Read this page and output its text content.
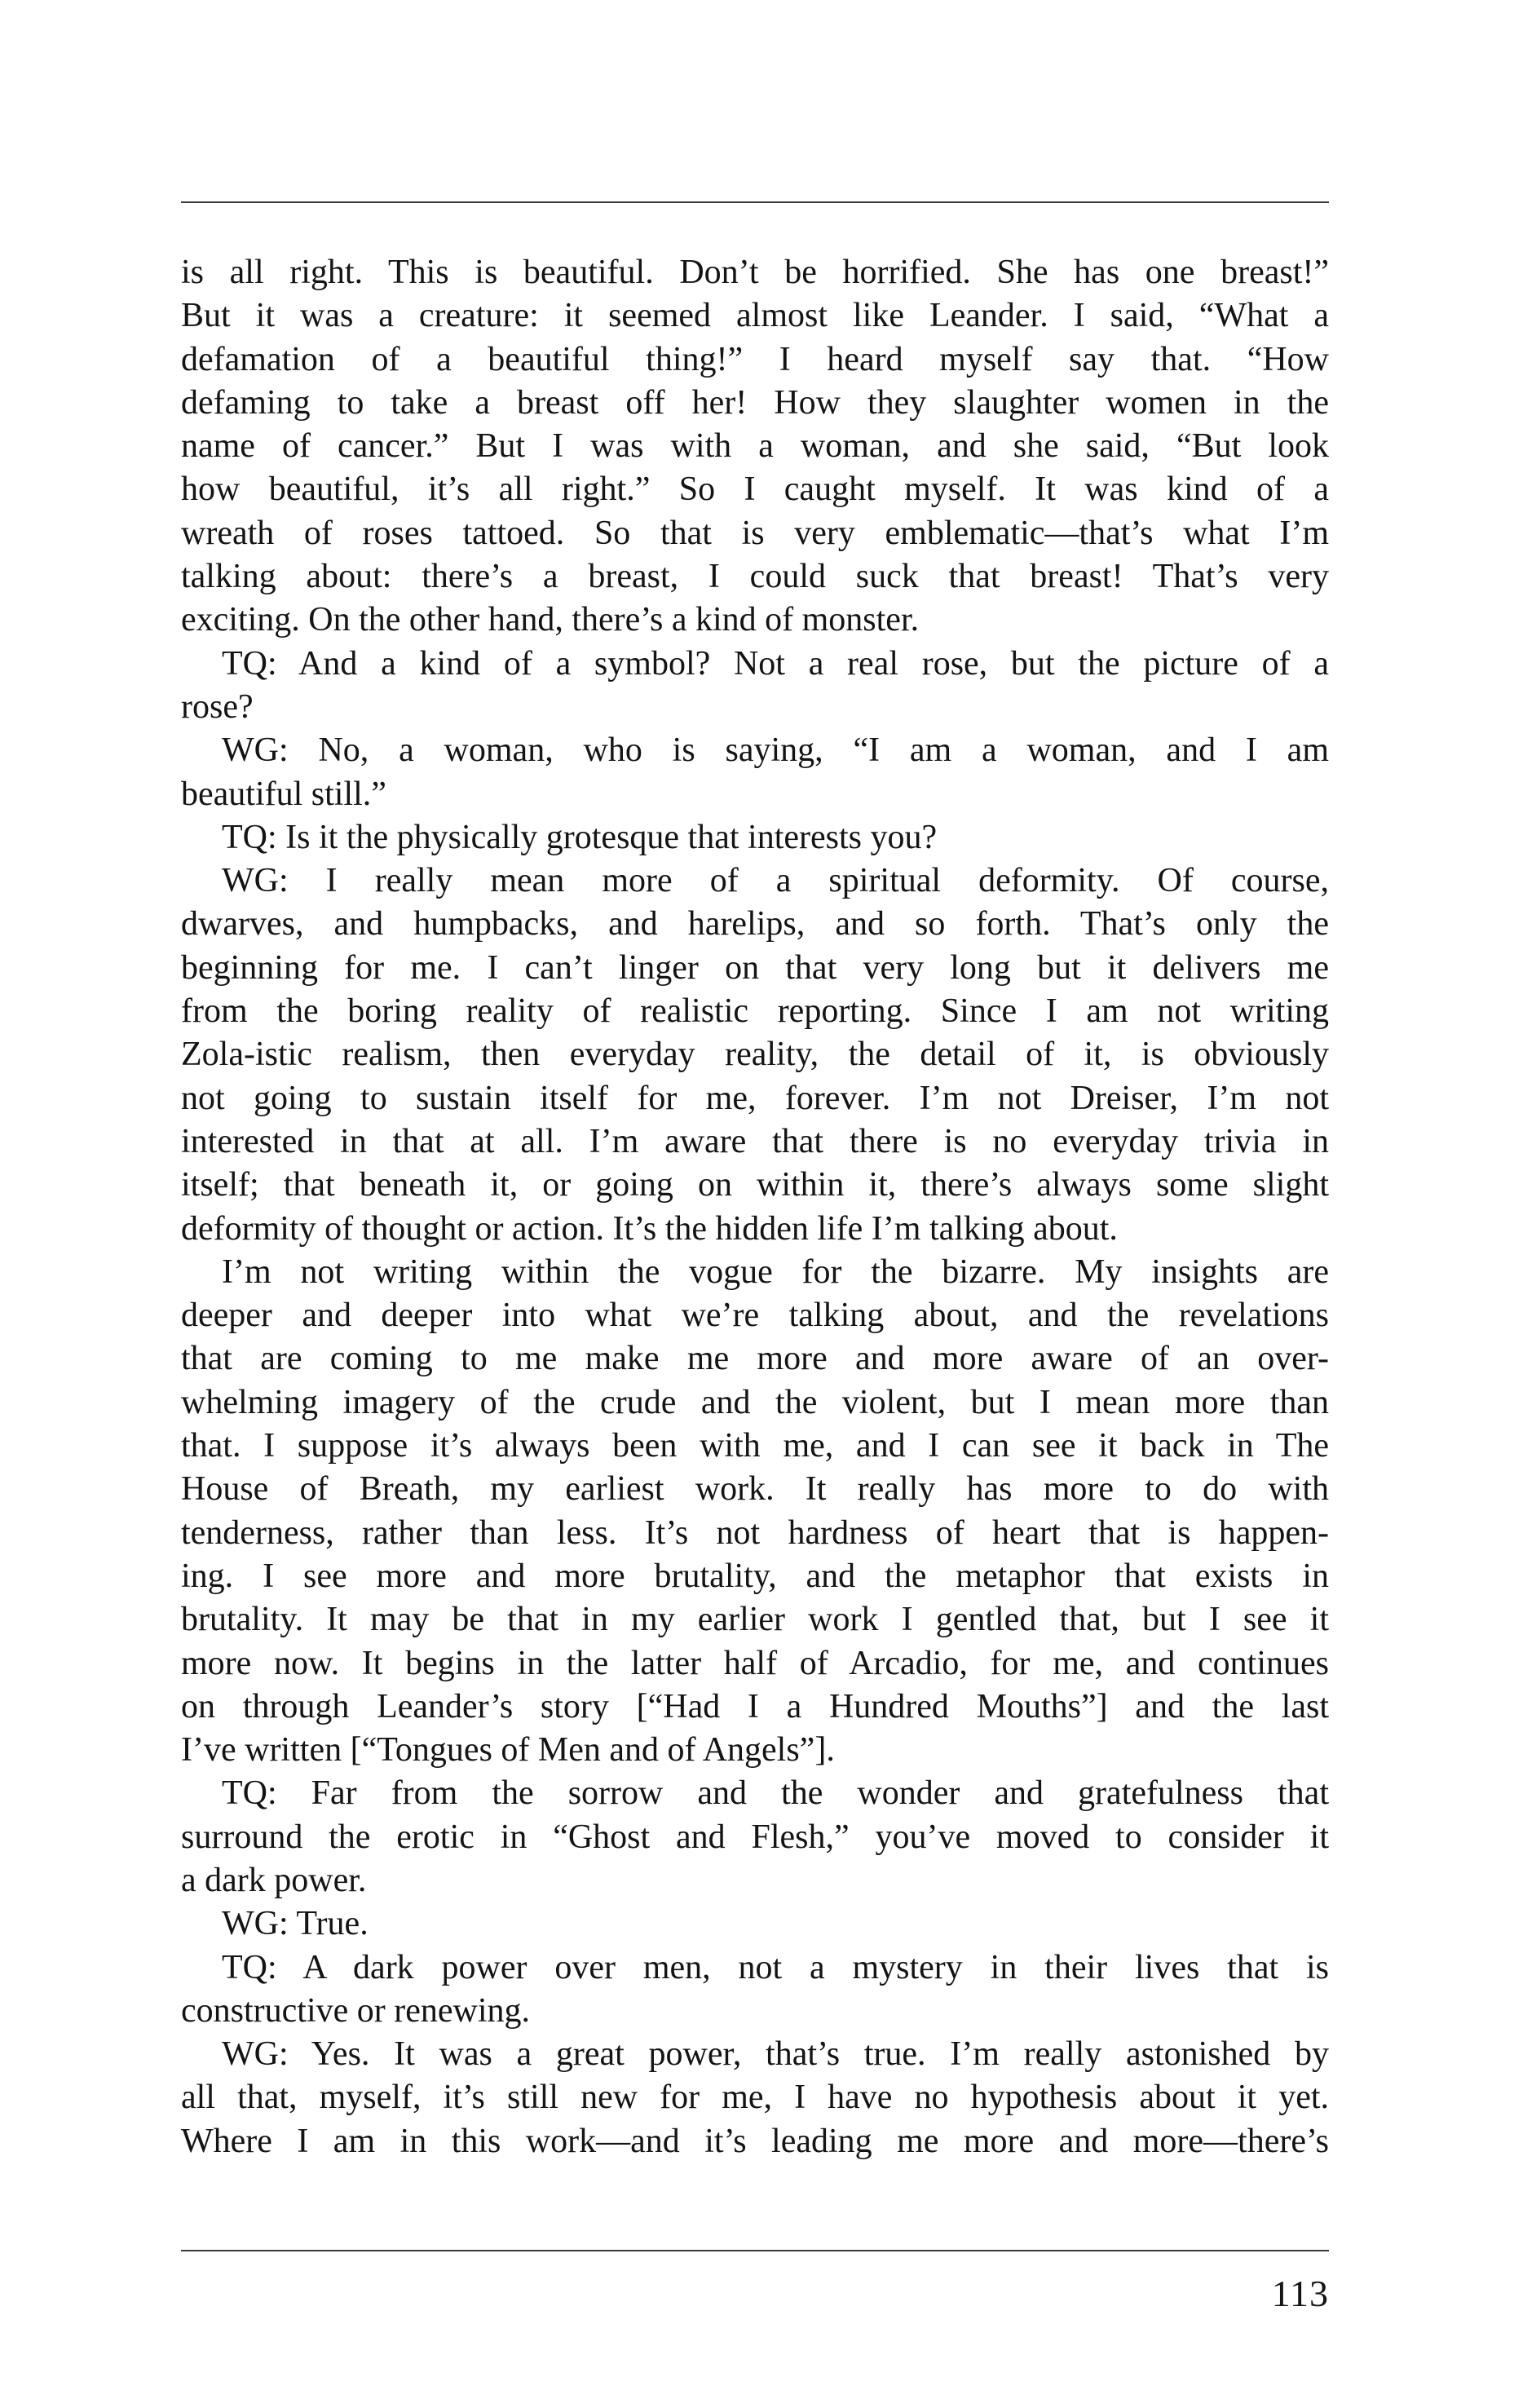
is all right. This is beautiful. Don’t be horrified. She has one breast!”
But it was a creature: it seemed almost like Leander. I said, “What a
defamation of a beautiful thing!” I heard myself say that. “How
defaming to take a breast off her! How they slaughter women in the
name of cancer.” But I was with a woman, and she said, “But look
how beautiful, it’s all right.” So I caught myself. It was kind of a
wreath of roses tattoed. So that is very emblematic—that’s what I’m
talking about: there’s a breast, I could suck that breast! That’s very
exciting. On the other hand, there’s a kind of monster.
TQ: And a kind of a symbol? Not a real rose, but the picture of a
rose?
WG: No, a woman, who is saying, “I am a woman, and I am
beautiful still.”
TQ: Is it the physically grotesque that interests you?
WG: I really mean more of a spiritual deformity. Of course,
dwarves, and humpbacks, and harelips, and so forth. That’s only the
beginning for me. I can’t linger on that very long but it delivers me
from the boring reality of realistic reporting. Since I am not writing
Zola-istic realism, then everyday reality, the detail of it, is obviously
not going to sustain itself for me, forever. I’m not Dreiser, I’m not
interested in that at all. I’m aware that there is no everyday trivia in
itself; that beneath it, or going on within it, there’s always some slight
deformity of thought or action. It’s the hidden life I’m talking about.
I’m not writing within the vogue for the bizarre. My insights are
deeper and deeper into what we’re talking about, and the revelations
that are coming to me make me more and more aware of an over-
whelming imagery of the crude and the violent, but I mean more than
that. I suppose it’s always been with me, and I can see it back in The
House of Breath, my earliest work. It really has more to do with
tenderness, rather than less. It’s not hardness of heart that is happen-
ing. I see more and more brutality, and the metaphor that exists in
brutality. It may be that in my earlier work I gentled that, but I see it
more now. It begins in the latter half of Arcadio, for me, and continues
on through Leander’s story [“Had I a Hundred Mouths”] and the last
I’ve written [“Tongues of Men and of Angels”].
TQ: Far from the sorrow and the wonder and gratefulness that
surround the erotic in “Ghost and Flesh,” you’ve moved to consider it
a dark power.
WG: True.
TQ: A dark power over men, not a mystery in their lives that is
constructive or renewing.
WG: Yes. It was a great power, that’s true. I’m really astonished by
all that, myself, it’s still new for me, I have no hypothesis about it yet.
Where I am in this work—and it’s leading me more and more—there’s
113
